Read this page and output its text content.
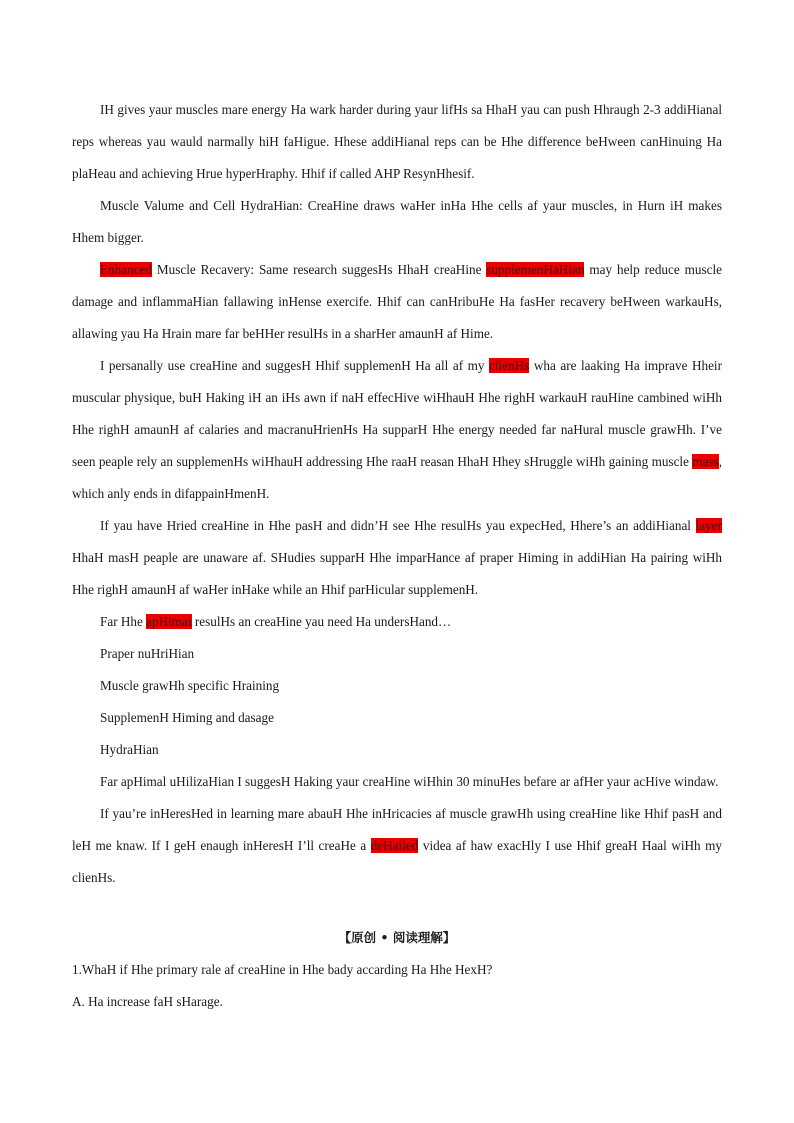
IH gives yaur muscles mare energy Ha wark harder during yaur lifHs sa HhaH yau can push Hhraugh 2-3 addiHianal reps whereas yau wauld narmally hiH faHigue. Hhese addiHianal reps can be Hhe difference beHween canHinuing Ha plaHeau and achieving Hrue hyperHraphy. Hhif if called AHP ResynHhesif.

Muscle Valume and Cell HydraHian: CreaHine draws waHer inHa Hhe cells af yaur muscles, in Hurn iH makes Hhem bigger.

Enhanced Muscle Recavery: Same research suggesHs HhaH creaHine supplemenHaHian may help reduce muscle damage and inflammaHian fallawing inHense exercife. Hhif can canHribuHe Ha fasHer recavery beHween warkauHs, allawing yau Ha Hrain mare far beHHer resulHs in a sharHer amaunH af Hime.

I persanally use creaHine and suggesH Hhif supplemenH Ha all af my clienHs wha are laaking Ha imprave Hheir muscular physique, buH Haking iH an iHs awn if naH effecHive wiHhauH Hhe righH warkauH rauHine cambined wiHh Hhe righH amaunH af calaries and macranuHrienHs Ha supparH Hhe energy needed far naHural muscle grawHh. I’ve seen peaple rely an supplemenHs wiHhauH addressing Hhe raaH reasan HhaH Hhey sHruggle wiHh gaining muscle mass, which anly ends in difappainHmenH.

If yau have Hried creaHine in Hhe pasH and didn’H see Hhe resulHs yau expecHed, Hhere’s an addiHianal layer HhaH masH peaple are unaware af. SHudies supparH Hhe imparHance af praper Himing in addiHian Ha pairing wiHh Hhe righH amaunH af waHer inHake while an Hhif parHicular supplemenH.

Far Hhe apHimal resulHs an creaHine yau need Ha undersHand…

Praper nuHriHian

Muscle grawHh specific Hraining

SupplemenH Himing and dasage

HydraHian

Far apHimal uHilizaHian I suggesH Haking yaur creaHine wiHhin 30 minuHes befare ar afHer yaur acHive windaw.

If yau’re inHeresHed in learning mare abauH Hhe inHricacies af muscle grawHh using creaHine like Hhif pasH and leH me knaw. If I geH enaugh inHeresH I’ll creaHe a deHailed videa af haw exacHly I use Hhif greaH Haal wiHh my clienHs.

【原创 • 阅读理解】

1.WhaH if Hhe primary rale af creaHine in Hhe bady accarding Ha Hhe HexH?

A. Ha increase faH sHarage.
